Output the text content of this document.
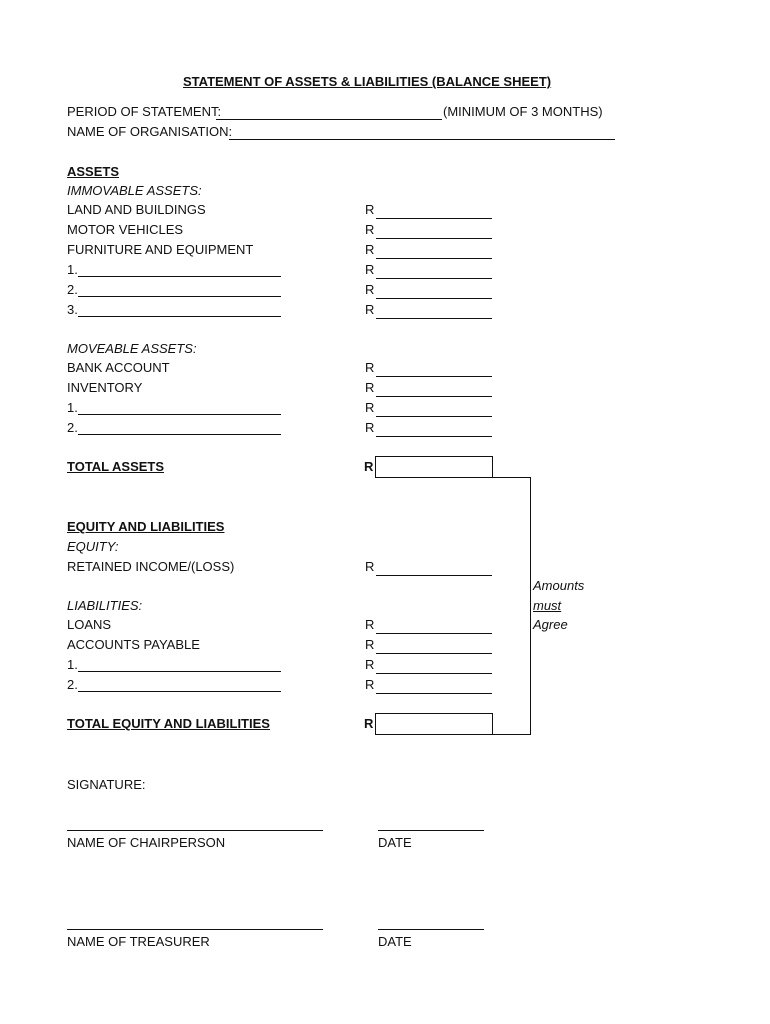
STATEMENT OF ASSETS & LIABILITIES (BALANCE SHEET)
PERIOD OF STATEMENT:	(MINIMUM OF 3 MONTHS)
NAME OF ORGANISATION:
ASSETS
IMMOVABLE ASSETS:
LAND AND BUILDINGS	R
MOTOR VEHICLES	R
FURNITURE AND EQUIPMENT	R
1.	R
2.	R
3.	R
MOVEABLE ASSETS:
BANK ACCOUNT	R
INVENTORY	R
1.	R
2.	R
TOTAL ASSETS	R
Amounts
must
Agree
EQUITY AND LIABILITIES
EQUITY:
RETAINED INCOME/(LOSS)	R
LIABILITIES:
LOANS	R
ACCOUNTS PAYABLE	R
1.	R
2.	R
TOTAL EQUITY AND LIABILITIES	R
SIGNATURE:
NAME OF CHAIRPERSON	DATE
NAME OF TREASURER	DATE
